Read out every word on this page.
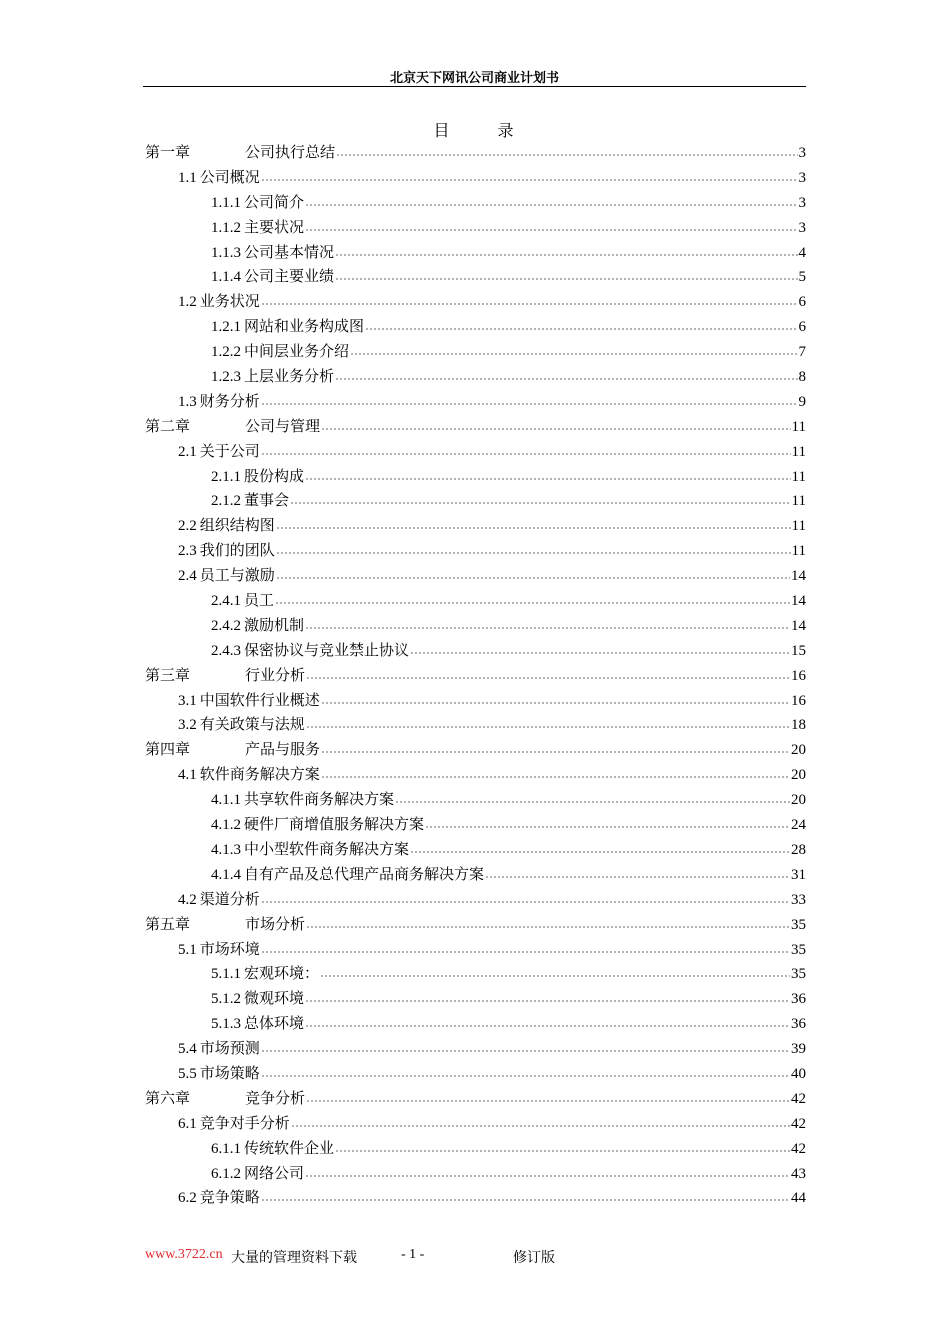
北京天下网讯公司商业计划书
目	录
第一章	公司执行总结	3
1.1 公司概况	3
1.1.1 公司简介	3
1.1.2 主要状况	3
1.1.3 公司基本情况	4
1.1.4 公司主要业绩	5
1.2 业务状况	6
1.2.1 网站和业务构成图	6
1.2.2 中间层业务介绍	7
1.2.3 上层业务分析	8
1.3 财务分析	9
第二章	公司与管理	11
2.1 关于公司	11
2.1.1 股份构成	11
2.1.2 董事会	11
2.2 组织结构图	11
2.3 我们的团队	11
2.4 员工与激励	14
2.4.1 员工	14
2.4.2 激励机制	14
2.4.3 保密协议与竞业禁止协议	15
第三章	行业分析	16
3.1 中国软件行业概述	16
3.2 有关政策与法规	18
第四章	产品与服务	20
4.1 软件商务解决方案	20
4.1.1 共享软件商务解决方案	20
4.1.2 硬件厂商增值服务解决方案	24
4.1.3 中小型软件商务解决方案	28
4.1.4 自有产品及总代理产品商务解决方案	31
4.2 渠道分析	33
第五章	市场分析	35
5.1 市场环境	35
5.1.1 宏观环境：	35
5.1.2 微观环境	36
5.1.3 总体环境	36
5.4 市场预测	39
5.5 市场策略	40
第六章	竞争分析	42
6.1 竞争对手分析	42
6.1.1 传统软件企业	42
6.1.2 网络公司	43
6.2 竞争策略	44
www.3722.cn 大量的管理资料下载	- 1 -	修订版
